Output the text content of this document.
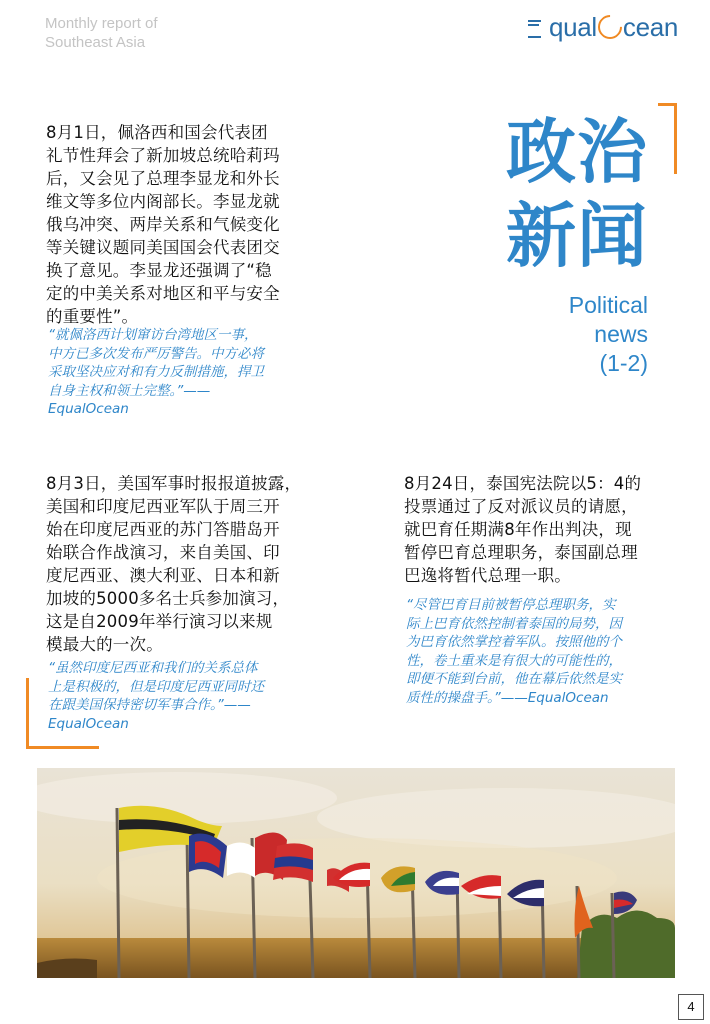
Monthly report of
Southeast Asia
qual cean
政治
新闻
Political
news
(1-2)
8月1日，佩洛西和国会代表团
礼节性拜会了新加坡总统哈莉玛
后，又会见了总理李显龙和外长
维文等多位内阁部长。李显龙就
俄乌冲突、两岸关系和气候变化
等关键议题同美国国会代表团交
换了意见。李显龙还强调了“稳
定的中美关系对地区和平与安全
的重要性”。
“就佩洛西计划窜访台湾地区一事，
中方已多次发布严厉警告。中方必将
采取坚决应对和有力反制措施，捍卫
自身主权和领土完整。”——
EqualOcean
8月3日，美国军事时报报道披露，
美国和印度尼西亚军队于周三开
始在印度尼西亚的苏门答腊岛开
始联合作战演习，来自美国、印
度尼西亚、澳大利亚、日本和新
加坡的5000多名士兵参加演习，
这是自2009年举行演习以来规
模最大的一次。
“虽然印度尼西亚和我们的关系总体
上是积极的，但是印度尼西亚同时还
在跟美国保持密切军事合作。”——
EqualOcean
8月24日，泰国宪法院以5：4的
投票通过了反对派议员的请愿，
就巴育任期满8年作出判决，现
暂停巴育总理职务，泰国副总理
巴逸将暂代总理一职。
“尽管巴育目前被暂停总理职务，实
际上巴育依然控制着泰国的局势，因
为巴育依然掌控着军队。按照他的个
性，卷土重来是有很大的可能性的，
即便不能到台前，他在幕后依然是实
质性的操盘手。”——EqualOcean
4
